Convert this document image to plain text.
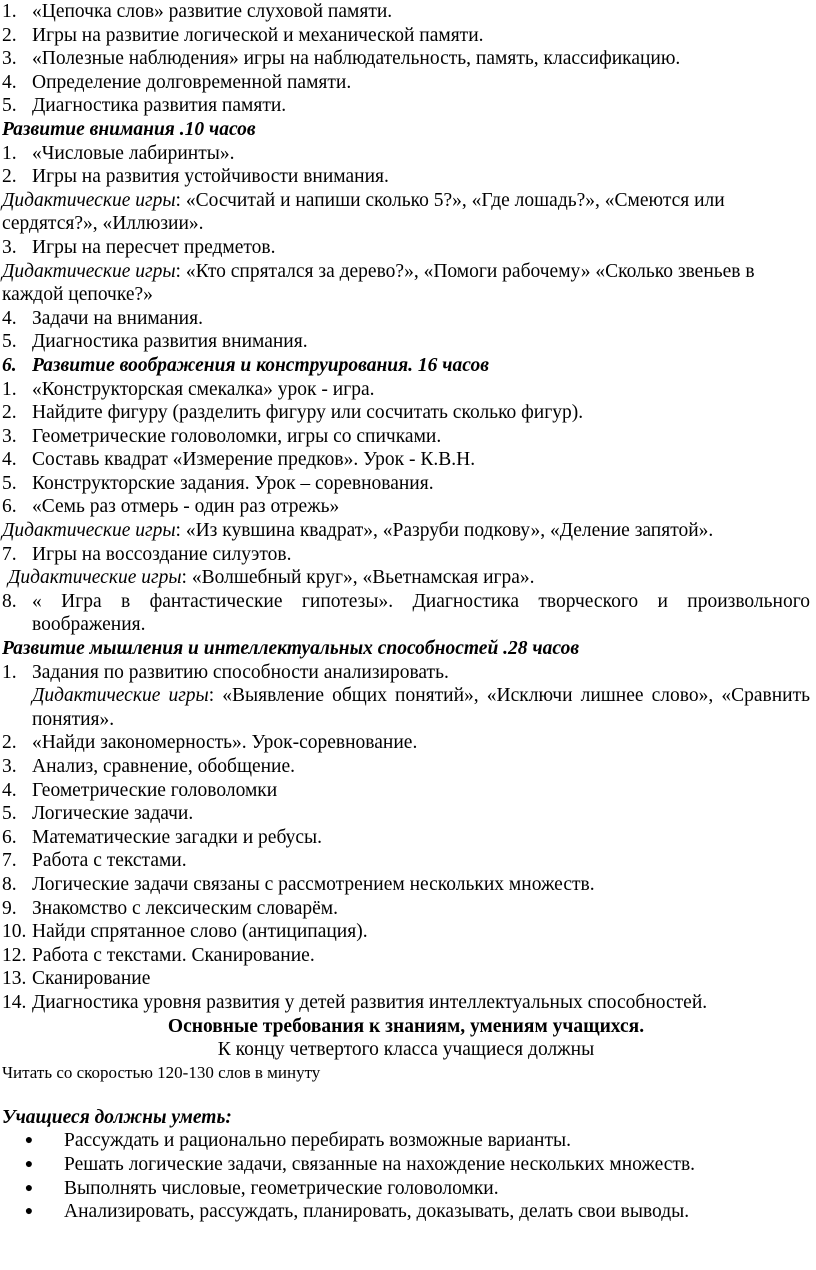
1. «Цепочка слов» развитие слуховой памяти.
2. Игры на развитие логической и механической памяти.
3. «Полезные наблюдения» игры на наблюдательность, память, классификацию.
4. Определение долговременной памяти.
5. Диагностика развития памяти.
Развитие внимания .10 часов
1. «Числовые лабиринты».
2. Игры на развития устойчивости внимания.
Дидактические игры: «Сосчитай и напиши сколько 5?», «Где лошадь?», «Смеются или сердятся?», «Иллюзии».
3. Игры на пересчет предметов.
Дидактические игры: «Кто спрятался за дерево?», «Помоги рабочему» «Сколько звеньев в каждой цепочке?»
4. Задачи на внимания.
5. Диагностика развития внимания.
6. Развитие воображения и конструирования. 16 часов
1. «Конструкторская смекалка» урок - игра.
2. Найдите фигуру (разделить фигуру или сосчитать сколько фигур).
3. Геометрические головоломки, игры со спичками.
4. Составь квадрат «Измерение предков». Урок - К.В.Н.
5. Конструкторские задания. Урок – соревнования.
6. «Семь раз отмерь - один раз отрежь»
Дидактические игры: «Из кувшина квадрат», «Разруби подкову», «Деление запятой».
7. Игры на воссоздание силуэтов.
Дидактические игры: «Волшебный круг», «Вьетнамская игра».
8. « Игра в фантастические гипотезы». Диагностика творческого и произвольного воображения.
Развитие мышления и интеллектуальных способностей .28 часов
1. Задания по развитию способности анализировать.
Дидактические игры: «Выявление общих понятий», «Исключи лишнее слово», «Сравнить понятия».
2. «Найди закономерность». Урок-соревнование.
3. Анализ, сравнение, обобщение.
4. Геометрические головоломки
5. Логические задачи.
6. Математические загадки и ребусы.
7. Работа с текстами.
8. Логические задачи связаны с рассмотрением нескольких множеств.
9. Знакомство с лексическим словарём.
10. Найди спрятанное слово (антиципация).
12. Работа с текстами. Сканирование.
13. Сканирование
14. Диагностика уровня развития у детей развития интеллектуальных способностей.
Основные требования к знаниям, умениям учащихся.
К концу четвертого класса учащиеся должны
Читать со скоростью 120-130 слов в минуту
Учащиеся должны уметь:
●	Рассуждать и рационально перебирать возможные варианты.
●	Решать логические задачи, связанные на нахождение нескольких множеств.
●	Выполнять числовые, геометрические головоломки.
●	Анализировать, рассуждать, планировать, доказывать, делать свои выводы.
